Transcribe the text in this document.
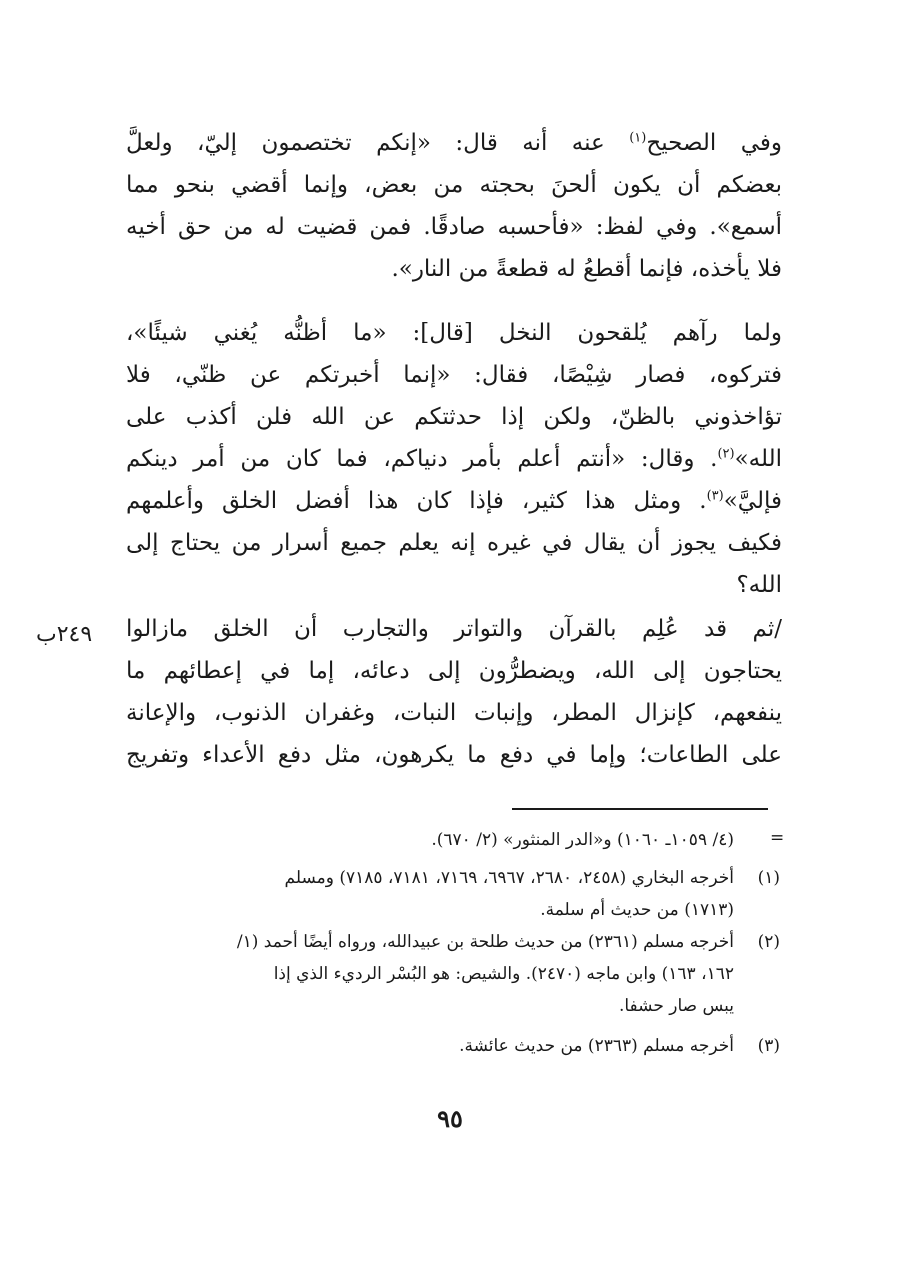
وفي الصحيح$^{(١)}$ عنه أنه قال: «إنكم تختصمون إليّ، ولعلَّ
بعضكم أن يكون ألحنَ بحجته من بعض، وإنما أقضي بنحو مما
أسمع». وفي لفظ: «فأحسبه صادقًا. فمن قضيت له من حق أخيه
فلا يأخذه، فإنما أقطعُ له قطعةً من النار».
ولما رآهم يُلقحون النخل [قال]: «ما أظنُّه يُغني شيئًا»،
فتركوه، فصار شِيْصًا، فقال: «إنما أخبرتكم عن ظنّي، فلا
تؤاخذوني بالظنّ، ولكن إذا حدثتكم عن الله فلن أكذب على
الله»$^{(٢)}$. وقال: «أنتم أعلم بأمر دنياكم، فما كان من أمر دينكم
فإليَّ»$^{(٣)}$. ومثل هذا كثير، فإذا كان هذا أفضل الخلق وأعلمهم
فكيف يجوز أن يقال في غيره إنه يعلم جميع أسرار من يحتاج إلى
الله؟
٢٤٩ب /ثم قد عُلِم بالقرآن والتواتر والتجارب أن الخلق مازالوا
يحتاجون إلى الله، ويضطرُّون إلى دعائه، إما في إعطائهم ما
ينفعهم، كإنزال المطر، وإنبات النبات، وغفران الذنوب، والإعانة
على الطاعات؛ وإما في دفع ما يكرهون، مثل دفع الأعداء وتفريج
=
(٤/ ١٠٥٩ـ ١٠٦٠) و«الدر المنثور» (٢/ ٦٧٠).
(١)
أخرجه البخاري (٢٤٥٨، ٢٦٨٠، ٦٩٦٧، ٧١٦٩، ٧١٨١، ٧١٨٥) ومسلم
(١٧١٣) من حديث أم سلمة.
(٢)
أخرجه مسلم (٢٣٦١) من حديث طلحة بن عبيدالله، ورواه أيضًا أحمد (١/
١٦٢، ١٦٣) وابن ماجه (٢٤٧٠). والشيص: هو البُسْر الرديء الذي إذا
يبس صار حشفا.
(٣)
أخرجه مسلم (٢٣٦٣) من حديث عائشة.
٩٥
